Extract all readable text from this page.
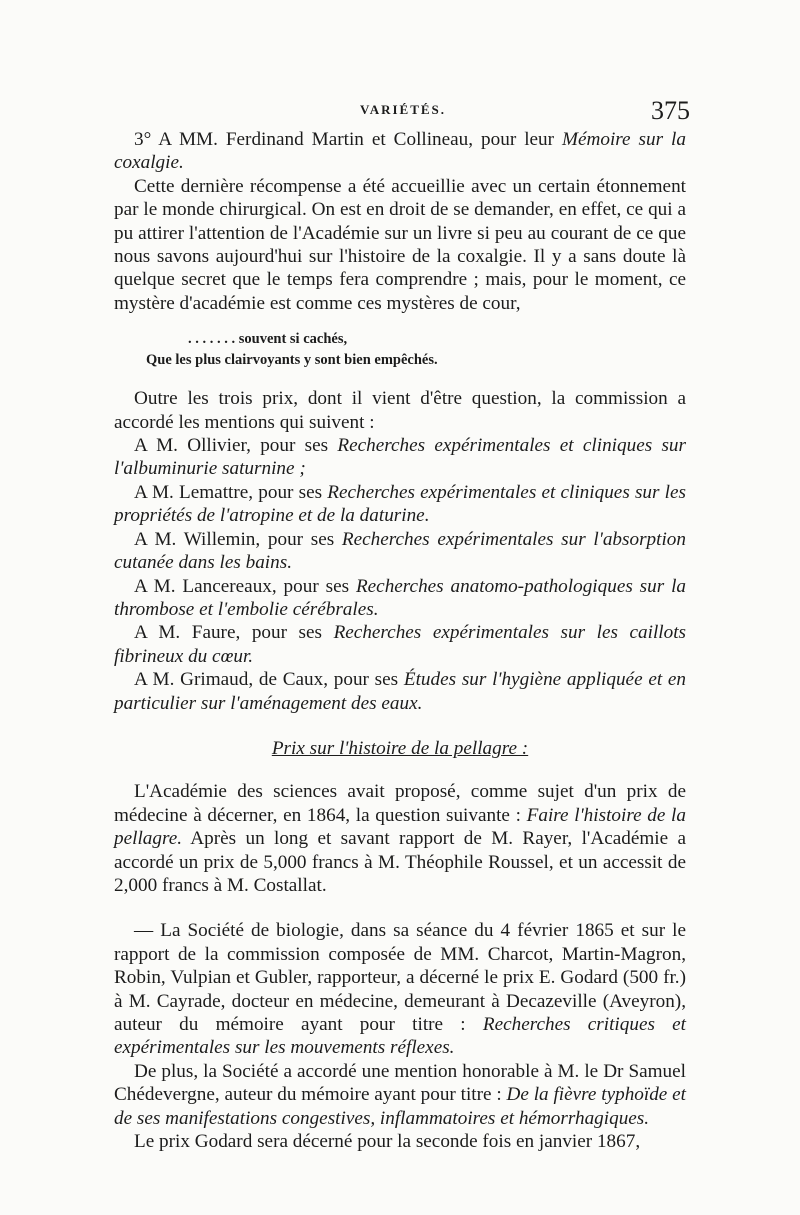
VARIÉTÉS.	375

3° A MM. Ferdinand Martin et Collineau, pour leur Mémoire sur la coxalgie.

Cette dernière récompense a été accueillie avec un certain étonnement par le monde chirurgical. On est en droit de se demander, en effet, ce qui a pu attirer l'attention de l'Académie sur un livre si peu au courant de ce que nous savons aujourd'hui sur l'histoire de la coxalgie. Il y a sans doute là quelque secret que le temps fera comprendre ; mais, pour le moment, ce mystère d'académie est comme ces mystères de cour,

. . . . . . . souvent si cachés,
Que les plus clairvoyants y sont bien empêchés.

Outre les trois prix, dont il vient d'être question, la commission a accordé les mentions qui suivent :

A M. Ollivier, pour ses Recherches expérimentales et cliniques sur l'albuminurie saturnine ;

A M. Lemattre, pour ses Recherches expérimentales et cliniques sur les propriétés de l'atropine et de la daturine.

A M. Willemin, pour ses Recherches expérimentales sur l'absorption cutanée dans les bains.

A M. Lancereaux, pour ses Recherches anatomo-pathologiques sur la thrombose et l'embolie cérébrales.

A M. Faure, pour ses Recherches expérimentales sur les caillots fibrineux du cœur.

A M. Grimaud, de Caux, pour ses Études sur l'hygiène appliquée et en particulier sur l'aménagement des eaux.

Prix sur l'histoire de la pellagre :

L'Académie des sciences avait proposé, comme sujet d'un prix de médecine à décerner, en 1864, la question suivante : Faire l'histoire de la pellagre. Après un long et savant rapport de M. Rayer, l'Académie a accordé un prix de 5,000 francs à M. Théophile Roussel, et un accessit de 2,000 francs à M. Costallat.

— La Société de biologie, dans sa séance du 4 février 1865 et sur le rapport de la commission composée de MM. Charcot, Martin-Magron, Robin, Vulpian et Gubler, rapporteur, a décerné le prix E. Godard (500 fr.) à M. Cayrade, docteur en médecine, demeurant à Decazeville (Aveyron), auteur du mémoire ayant pour titre : Recherches critiques et expérimentales sur les mouvements réflexes.

De plus, la Société a accordé une mention honorable à M. le Dr Samuel Chédevergne, auteur du mémoire ayant pour titre : De la fièvre typhoïde et de ses manifestations congestives, inflammatoires et hémorrhagiques.

Le prix Godard sera décerné pour la seconde fois en janvier 1867,
